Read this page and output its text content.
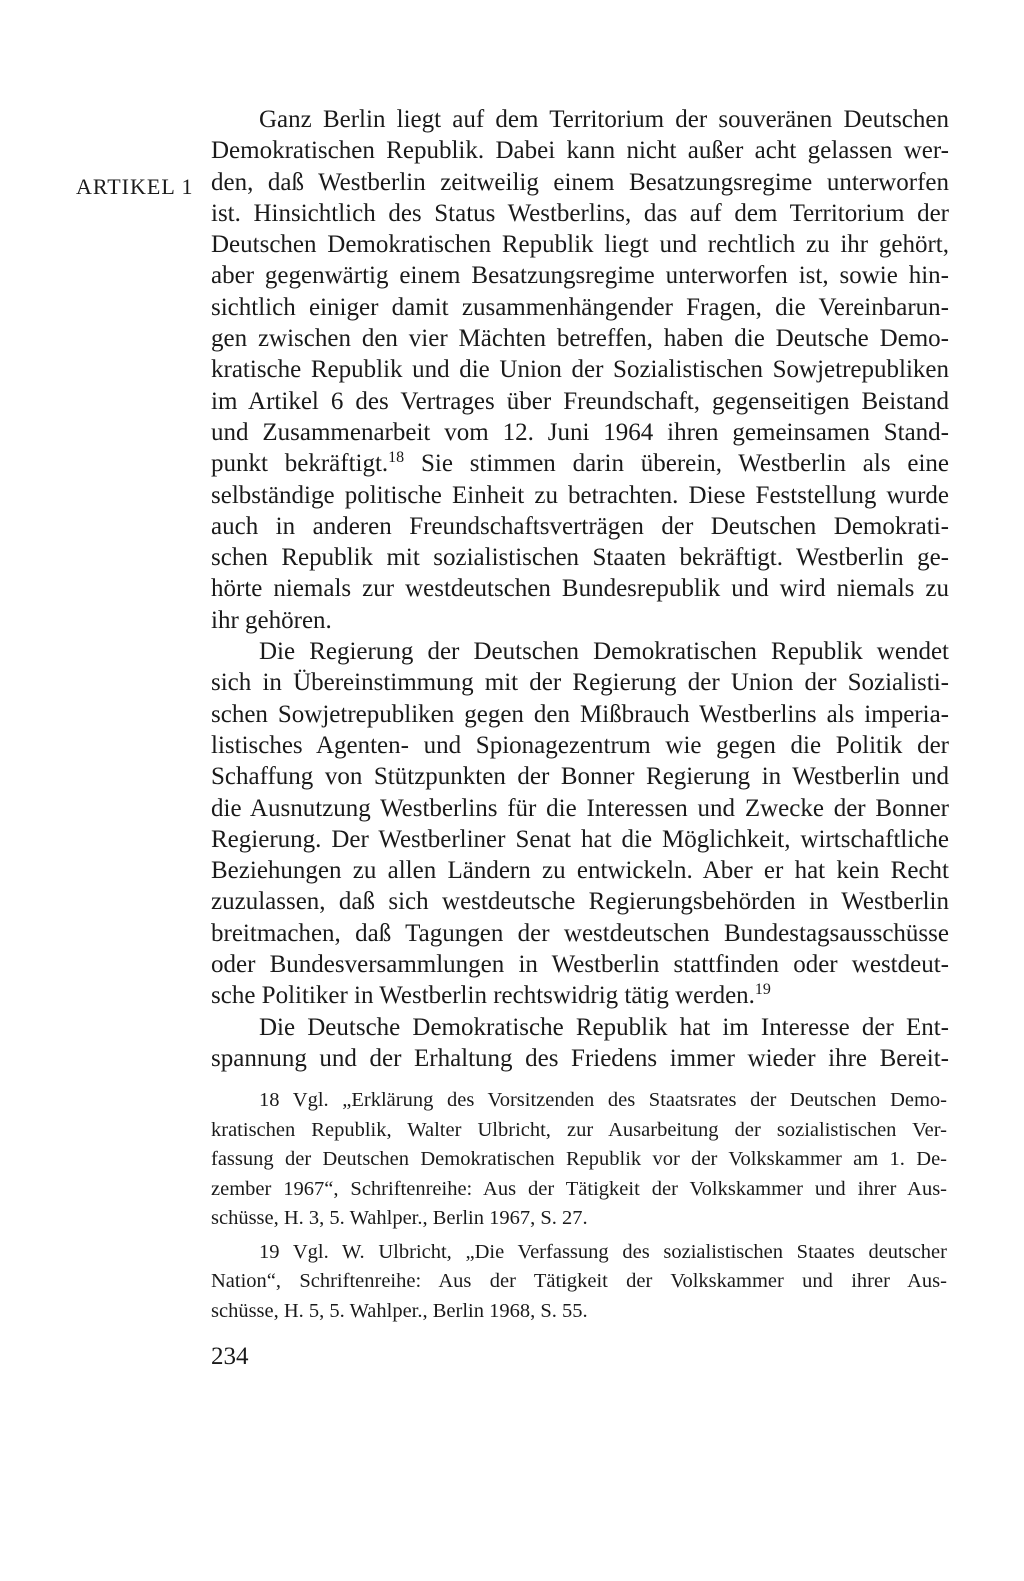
ARTIKEL 1
Ganz Berlin liegt auf dem Territorium der souveränen Deutschen
Demokratischen Republik. Dabei kann nicht außer acht gelassen wer-
den, daß Westberlin zeitweilig einem Besatzungsregime unterworfen
ist. Hinsichtlich des Status Westberlins, das auf dem Territorium der
Deutschen Demokratischen Republik liegt und rechtlich zu ihr gehört,
aber gegenwärtig einem Besatzungsregime unterworfen ist, sowie hin-
sichtlich einiger damit zusammenhängender Fragen, die Vereinbarun-
gen zwischen den vier Mächten betreffen, haben die Deutsche Demo-
kratische Republik und die Union der Sozialistischen Sowjetrepubliken
im Artikel 6 des Vertrages über Freundschaft, gegenseitigen Beistand
und Zusammenarbeit vom 12. Juni 1964 ihren gemeinsamen Stand-
punkt bekräftigt.$^{18}$ Sie stimmen darin überein, Westberlin als eine
selbständige politische Einheit zu betrachten. Diese Feststellung wurde
auch in anderen Freundschaftsverträgen der Deutschen Demokrati-
schen Republik mit sozialistischen Staaten bekräftigt. Westberlin ge-
hörte niemals zur westdeutschen Bundesrepublik und wird niemals zu
ihr gehören.
Die Regierung der Deutschen Demokratischen Republik wendet
sich in Übereinstimmung mit der Regierung der Union der Sozialisti-
schen Sowjetrepubliken gegen den Mißbrauch Westberlins als imperia-
listisches Agenten- und Spionagezentrum wie gegen die Politik der
Schaffung von Stützpunkten der Bonner Regierung in Westberlin und
die Ausnutzung Westberlins für die Interessen und Zwecke der Bonner
Regierung. Der Westberliner Senat hat die Möglichkeit, wirtschaftliche
Beziehungen zu allen Ländern zu entwickeln. Aber er hat kein Recht
zuzulassen, daß sich westdeutsche Regierungsbehörden in Westberlin
breitmachen, daß Tagungen der westdeutschen Bundestagsausschüsse
oder Bundesversammlungen in Westberlin stattfinden oder westdeut-
sche Politiker in Westberlin rechtswidrig tätig werden.$^{19}$
Die Deutsche Demokratische Republik hat im Interesse der Ent-
spannung und der Erhaltung des Friedens immer wieder ihre Bereit-
18 Vgl. „Erklärung des Vorsitzenden des Staatsrates der Deutschen Demo-
kratischen Republik, Walter Ulbricht, zur Ausarbeitung der sozialistischen Ver-
fassung der Deutschen Demokratischen Republik vor der Volkskammer am 1. De-
zember 1967“, Schriftenreihe: Aus der Tätigkeit der Volkskammer und ihrer Aus-
schüsse, H. 3, 5. Wahlper., Berlin 1967, S. 27.
19 Vgl. W. Ulbricht, „Die Verfassung des sozialistischen Staates deutscher
Nation“, Schriftenreihe: Aus der Tätigkeit der Volkskammer und ihrer Aus-
schüsse, H. 5, 5. Wahlper., Berlin 1968, S. 55.
234
